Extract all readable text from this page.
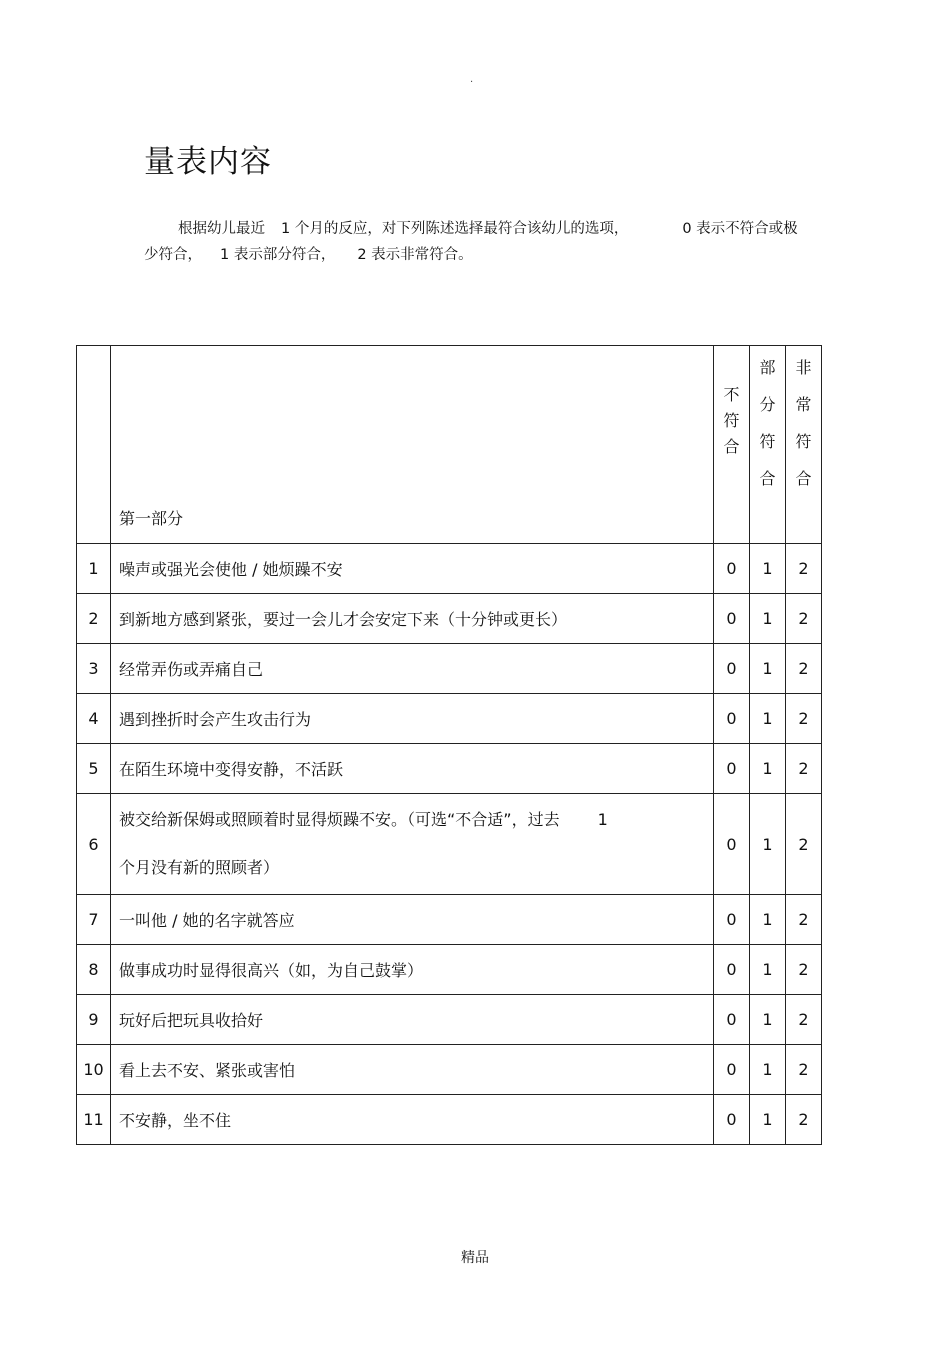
.
量表内容
根据幼儿最近 1 个月的反应，对下列陈述选择最符合该幼儿的选项，	0 表示不符合或极
少符合， 1 表示部分符合， 2 表示非常符合。
	第一部分	不
符
合	部
分
符
合	非
常
符
合

1	噪声或强光会使他 / 她烦躁不安	0	1	2
2	到新地方感到紧张，要过一会儿才会安定下来（十分钟或更长）	0	1	2
3	经常弄伤或弄痛自己	0	1	2
4	遇到挫折时会产生攻击行为	0	1	2
5	在陌生环境中变得安静，不活跃	0	1	2
6	被交给新保姆或照顾着时显得烦躁不安。（可选“不合适”，过去 1
个月没有新的照顾者）	0	1	2
7	一叫他 / 她的名字就答应	0	1	2
8	做事成功时显得很高兴（如，为自己鼓掌）	0	1	2
9	玩好后把玩具收拾好	0	1	2
10	看上去不安、紧张或害怕	0	1	2
11	不安静，坐不住	0	1	2
精品
